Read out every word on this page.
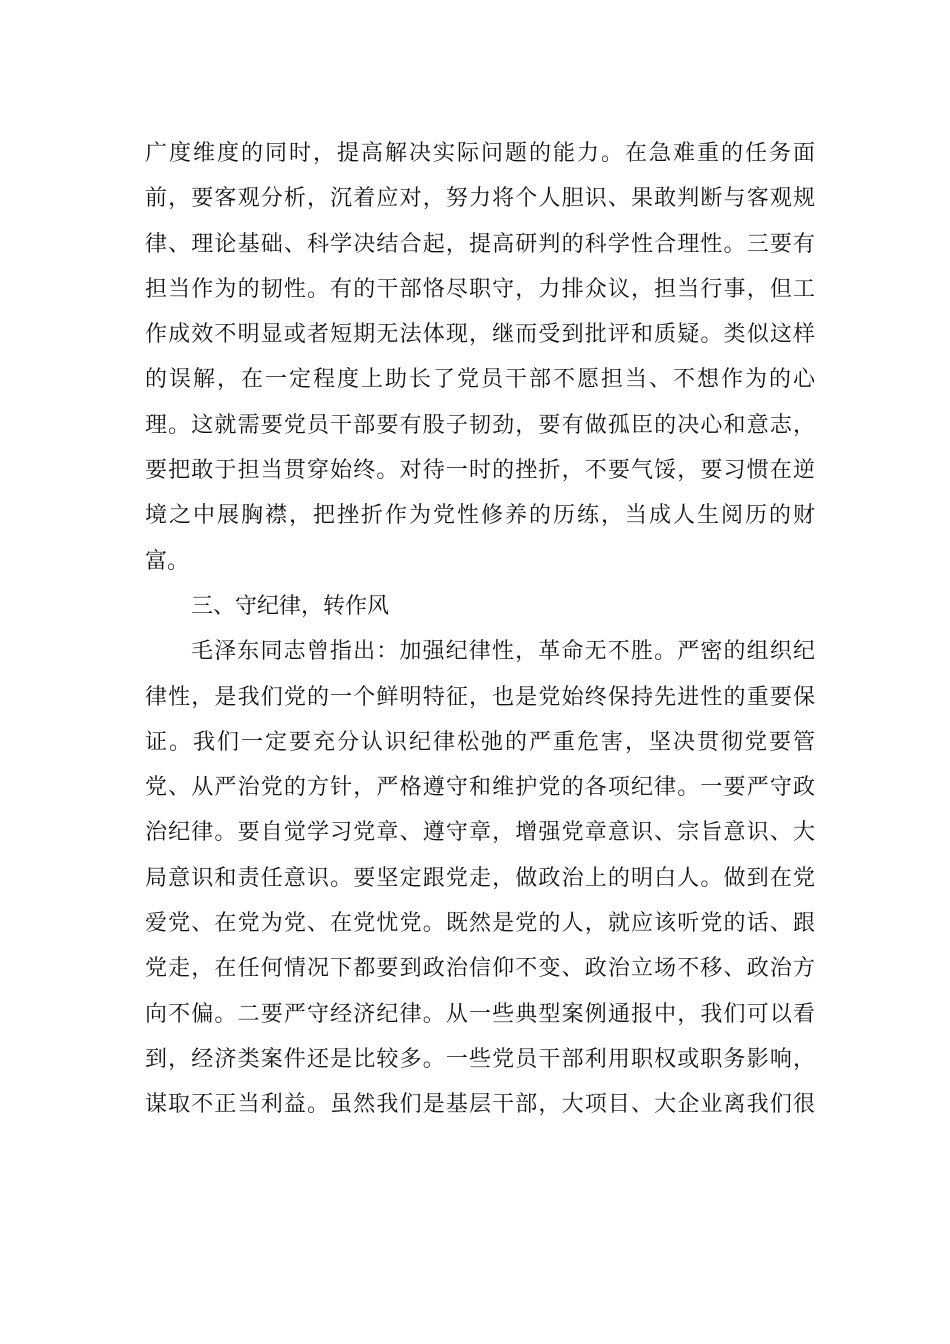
广度维度的同时，提高解决实际问题的能力。在急难重的任务面
前，要客观分析，沉着应对，努力将个人胆识、果敢判断与客观规
律、理论基础、科学决结合起，提高研判的科学性合理性。三要有
担当作为的韧性。有的干部恪尽职守，力排众议，担当行事，但工
作成效不明显或者短期无法体现，继而受到批评和质疑。类似这样
的误解，在一定程度上助长了党员干部不愿担当、不想作为的心
理。这就需要党员干部要有股子韧劲，要有做孤臣的决心和意志，
要把敢于担当贯穿始终。对待一时的挫折，不要气馁，要习惯在逆
境之中展胸襟，把挫折作为党性修养的历练，当成人生阅历的财
富。
三、守纪律，转作风
毛泽东同志曾指出：加强纪律性，革命无不胜。严密的组织纪
律性，是我们党的一个鲜明特征，也是党始终保持先进性的重要保
证。我们一定要充分认识纪律松弛的严重危害，坚决贯彻党要管
党、从严治党的方针，严格遵守和维护党的各项纪律。一要严守政
治纪律。要自觉学习党章、遵守章，增强党章意识、宗旨意识、大
局意识和责任意识。要坚定跟党走，做政治上的明白人。做到在党
爱党、在党为党、在党忧党。既然是党的人，就应该听党的话、跟
党走，在任何情况下都要到政治信仰不变、政治立场不移、政治方
向不偏。二要严守经济纪律。从一些典型案例通报中，我们可以看
到，经济类案件还是比较多。一些党员干部利用职权或职务影响，
谋取不正当利益。虽然我们是基层干部，大项目、大企业离我们很
